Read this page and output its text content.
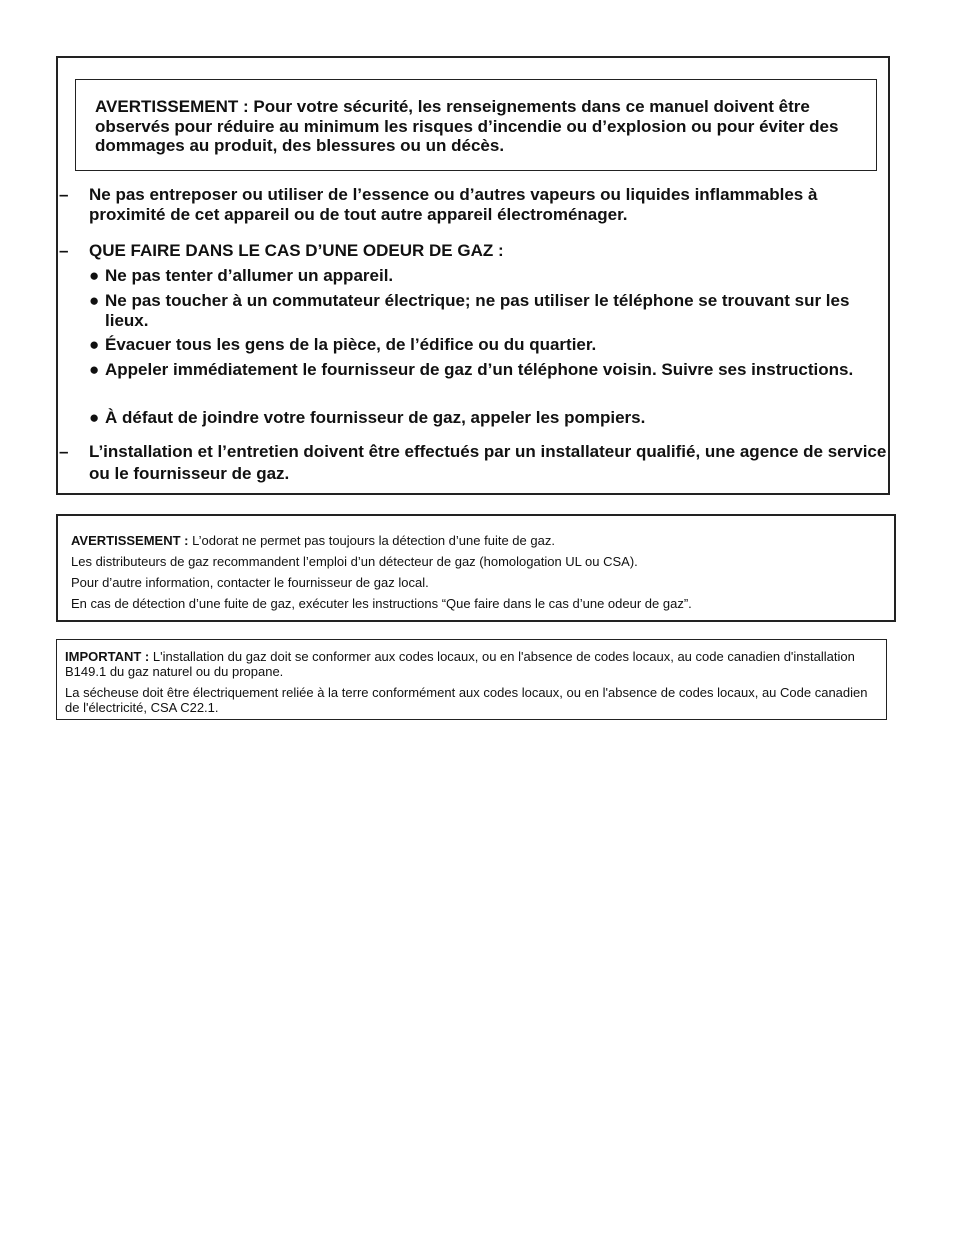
AVERTISSEMENT : Pour votre sécurité, les renseignements dans ce manuel doivent être observés pour réduire au minimum les risques d’incendie ou d’explosion ou pour éviter des dommages au produit, des blessures ou un décès.
– Ne pas entreposer ou utiliser de l’essence ou d’autres vapeurs ou liquides inflammables à proximité de cet appareil ou de tout autre appareil électroménager.
– QUE FAIRE DANS LE CAS D’UNE ODEUR DE GAZ :
● Ne pas tenter d’allumer un appareil.
● Ne pas toucher à un commutateur électrique; ne pas utiliser le téléphone se trouvant sur les lieux.
● Évacuer tous les gens de la pièce, de l’édifice ou du quartier.
● Appeler immédiatement le fournisseur de gaz d’un téléphone voisin. Suivre ses instructions.
● À défaut de joindre votre fournisseur de gaz, appeler les pompiers.
– L’installation et l’entretien doivent être effectués par un installateur qualifié, une agence de service ou le fournisseur de gaz.
AVERTISSEMENT : L’odorat ne permet pas toujours la détection d’une fuite de gaz.
Les distributeurs de gaz recommandent l’emploi d’un détecteur de gaz (homologation UL ou CSA).
Pour d’autre information, contacter le fournisseur de gaz local.
En cas de détection d’une fuite de gaz, exécuter les instructions “Que faire dans le cas d’une odeur de gaz”.

IMPORTANT : L'installation du gaz doit se conformer aux codes locaux, ou en l'absence de codes locaux, au code canadien d'installation B149.1 du gaz naturel ou du propane.

La sécheuse doit être électriquement reliée à la terre conformément aux codes locaux, ou en l'absence de codes locaux, au Code canadien de l'électricité, CSA C22.1.
